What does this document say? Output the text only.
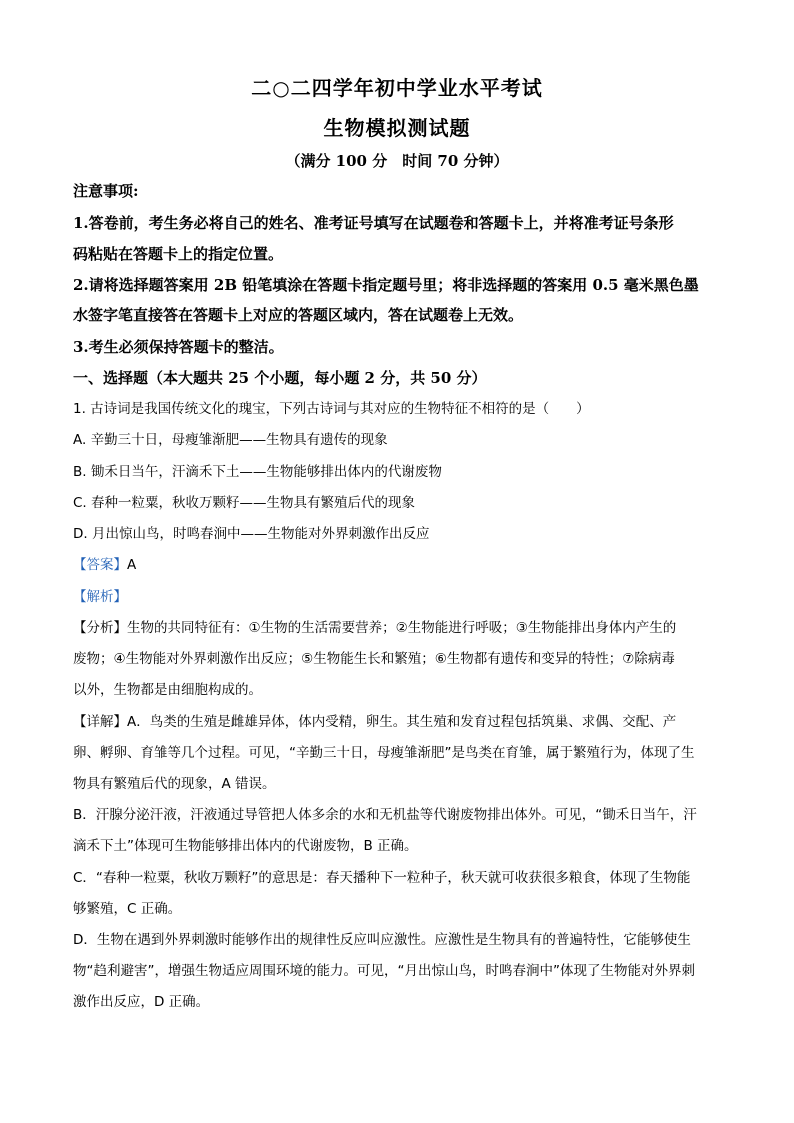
二○二四学年初中学业水平考试
生物模拟测试题
（满分 100 分　时间 70 分钟）
注意事项:
1.答卷前，考生务必将自己的姓名、准考证号填写在试题卷和答题卡上，并将准考证号条形
码粘贴在答题卡上的指定位置。
2.请将选择题答案用 2B 铅笔填涂在答题卡指定题号里；将非选择题的答案用 0.5 毫米黑色墨
水签字笔直接答在答题卡上对应的答题区域内，答在试题卷上无效。
3.考生必须保持答题卡的整洁。
一、选择题（本大题共 25 个小题，每小题 2 分，共 50 分）
1. 古诗词是我国传统文化的瑰宝，下列古诗词与其对应的生物特征不相符的是（　　）
A. 辛勤三十日，母瘦雏渐肥——生物具有遗传的现象
B. 锄禾日当午，汗滴禾下土——生物能够排出体内的代谢废物
C. 春种一粒粟，秋收万颗籽——生物具有繁殖后代的现象
D. 月出惊山鸟，时鸣春涧中——生物能对外界刺激作出反应
【答案】A
【解析】
【分析】生物的共同特征有：①生物的生活需要营养；②生物能进行呼吸；③生物能排出身体内产生的
废物；④生物能对外界刺激作出反应；⑤生物能生长和繁殖；⑥生物都有遗传和变异的特性；⑦除病毒
以外，生物都是由细胞构成的。
【详解】A．鸟类的生殖是雌雄异体，体内受精，卵生。其生殖和发育过程包括筑巢、求偶、交配、产
卵、孵卵、育雏等几个过程。可见，“辛勤三十日，母瘦雏渐肥”是鸟类在育雏，属于繁殖行为，体现了生
物具有繁殖后代的现象，A 错误。
B．汗腺分泌汗液，汗液通过导管把人体多余的水和无机盐等代谢废物排出体外。可见，“锄禾日当午，汗
滴禾下土”体现可生物能够排出体内的代谢废物，B 正确。
C．“春种一粒粟，秋收万颗籽”的意思是：春天播种下一粒种子，秋天就可收获很多粮食，体现了生物能
够繁殖，C 正确。
D．生物在遇到外界刺激时能够作出的规律性反应叫应激性。应激性是生物具有的普遍特性，它能够使生
物“趋利避害”，增强生物适应周围环境的能力。可见，“月出惊山鸟，时鸣春涧中”体现了生物能对外界刺
激作出反应，D 正确。
